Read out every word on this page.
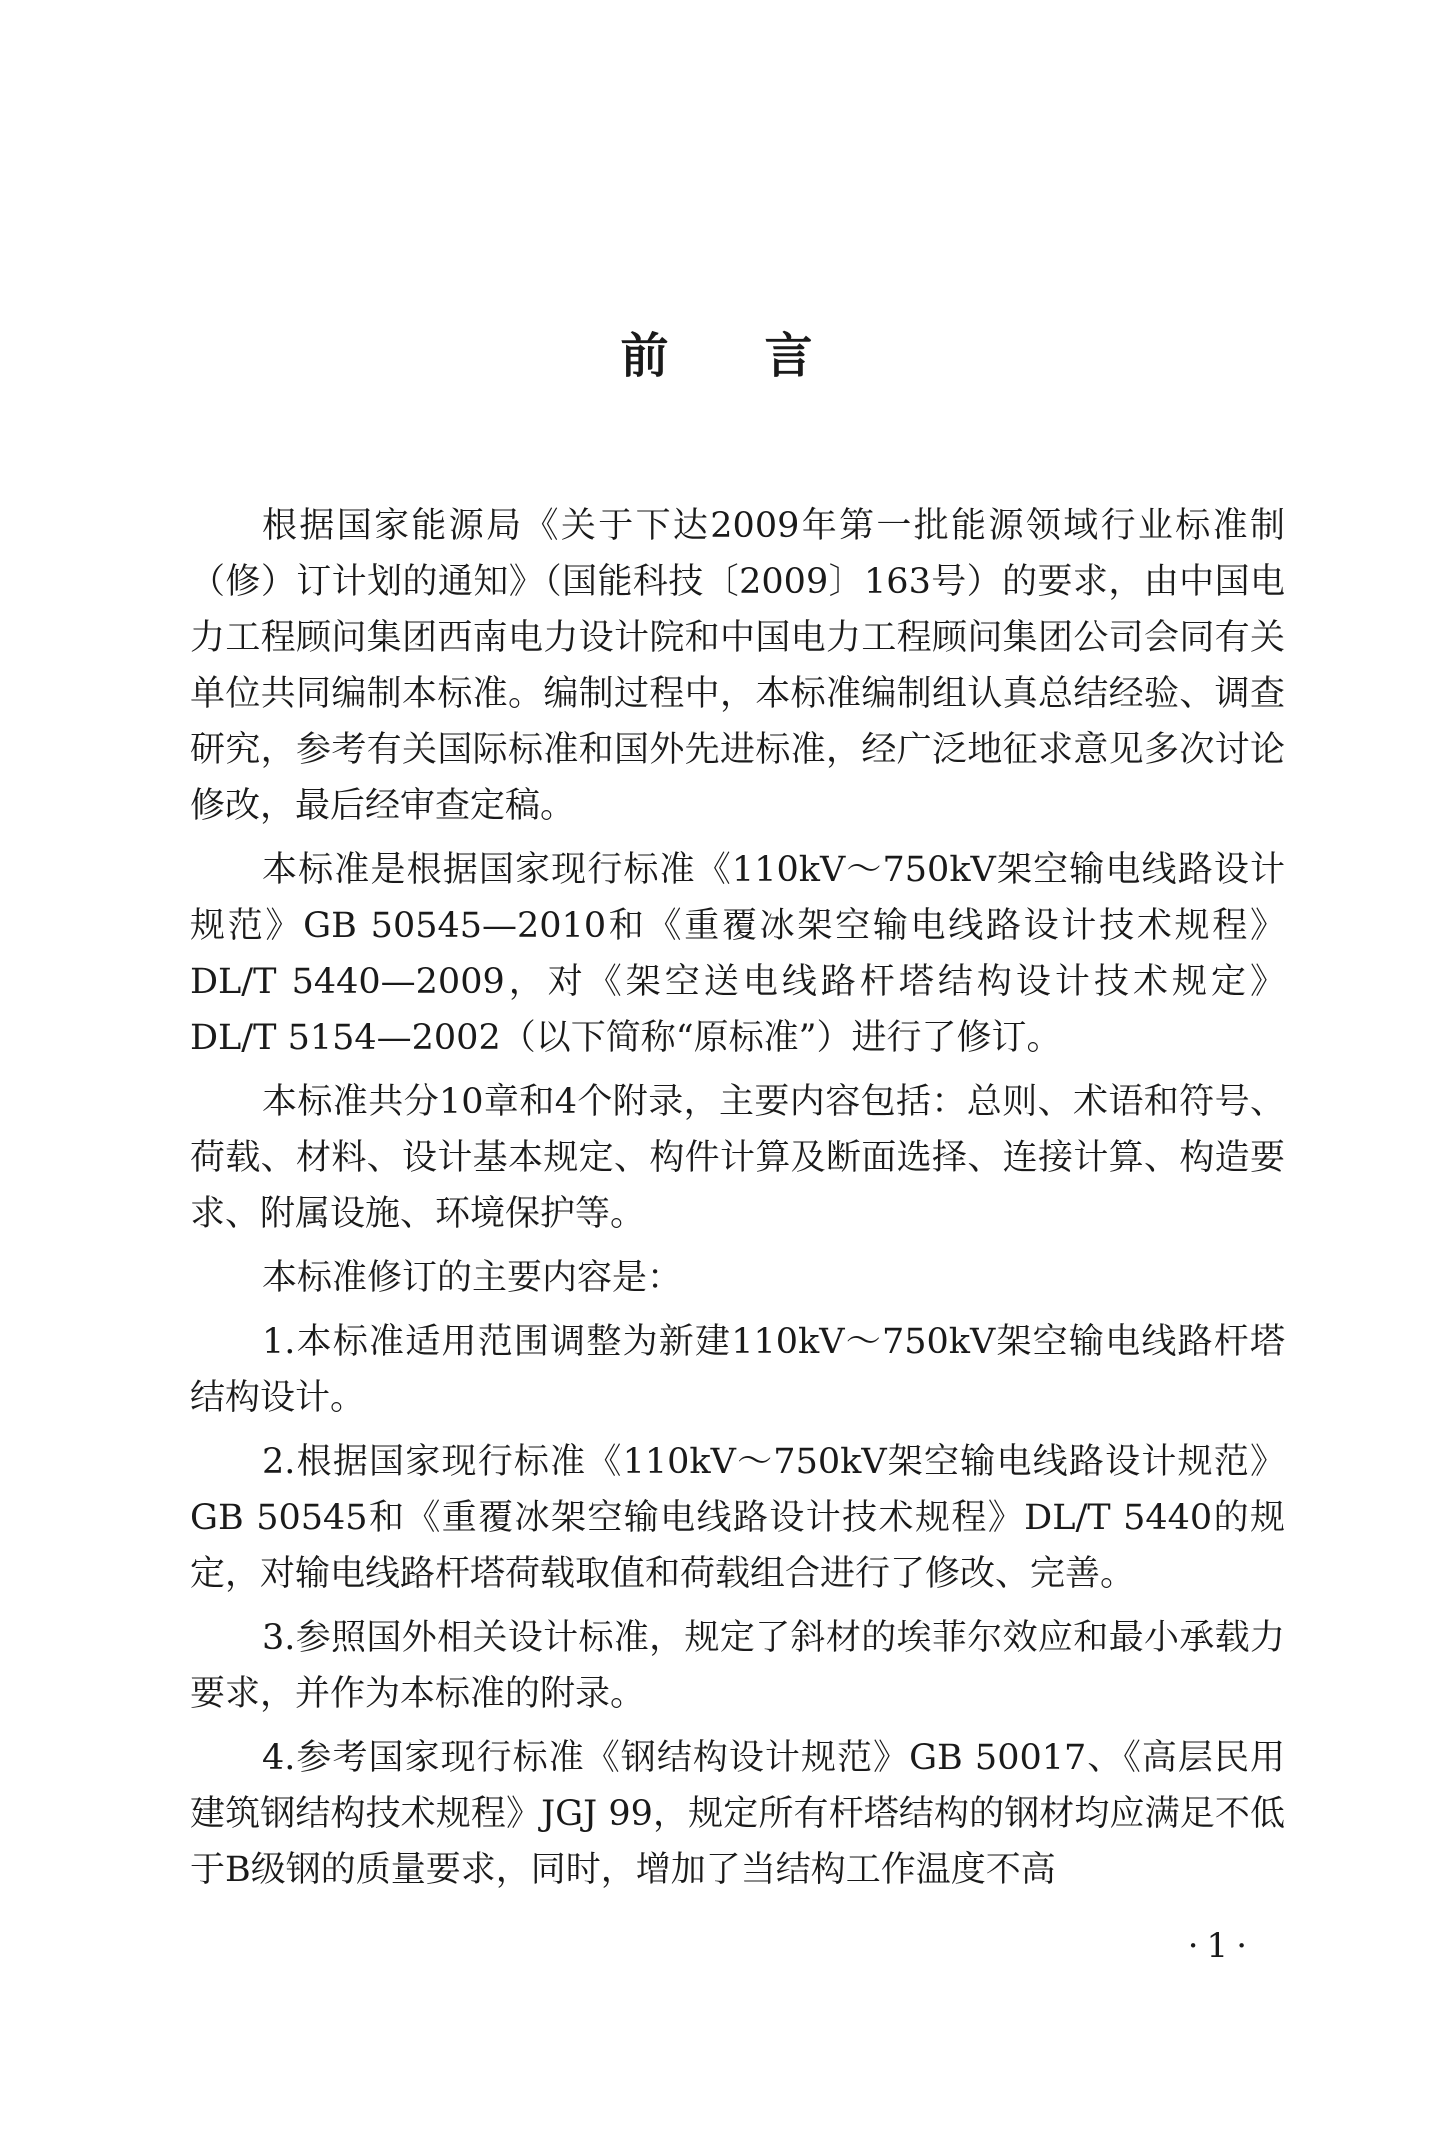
前 言

根据国家能源局《关于下达2009年第一批能源领域行业标准制（修）订计划的通知》（国能科技〔2009〕163号）的要求，由中国电力工程顾问集团西南电力设计院和中国电力工程顾问集团公司会同有关单位共同编制本标准。编制过程中，本标准编制组认真总结经验、调查研究，参考有关国际标准和国外先进标准，经广泛地征求意见多次讨论修改，最后经审查定稿。

本标准是根据国家现行标准《110kV～750kV架空输电线路设计规范》GB 50545—2010和《重覆冰架空输电线路设计技术规程》DL/T 5440—2009，对《架空送电线路杆塔结构设计技术规定》DL/T 5154—2002（以下简称“原标准”）进行了修订。

本标准共分10章和4个附录，主要内容包括：总则、术语和符号、荷载、材料、设计基本规定、构件计算及断面选择、连接计算、构造要求、附属设施、环境保护等。

本标准修订的主要内容是：

1.本标准适用范围调整为新建110kV～750kV架空输电线路杆塔结构设计。

2.根据国家现行标准《110kV～750kV架空输电线路设计规范》GB 50545和《重覆冰架空输电线路设计技术规程》DL/T 5440的规定，对输电线路杆塔荷载取值和荷载组合进行了修改、完善。

3.参照国外相关设计标准，规定了斜材的埃菲尔效应和最小承载力要求，并作为本标准的附录。

4.参考国家现行标准《钢结构设计规范》GB 50017、《高层民用建筑钢结构技术规程》JGJ 99，规定所有杆塔结构的钢材均应满足不低于B级钢的质量要求，同时，增加了当结构工作温度不高

·1·
